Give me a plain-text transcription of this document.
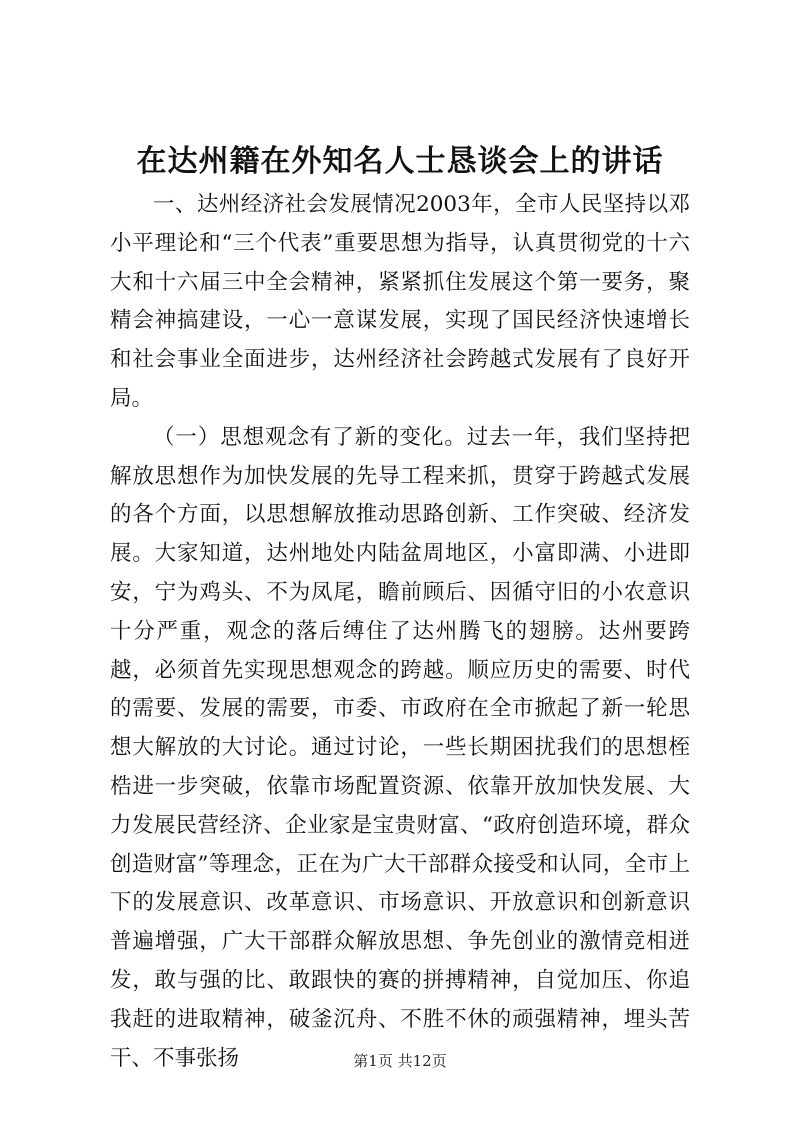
在达州籍在外知名人士恳谈会上的讲话

一、达州经济社会发展情况2003年，全市人民坚持以邓小平理论和“三个代表”重要思想为指导，认真贯彻党的十六大和十六届三中全会精神，紧紧抓住发展这个第一要务，聚精会神搞建设，一心一意谋发展，实现了国民经济快速增长和社会事业全面进步，达州经济社会跨越式发展有了良好开局。

（一）思想观念有了新的变化。过去一年，我们坚持把解放思想作为加快发展的先导工程来抓，贯穿于跨越式发展的各个方面，以思想解放推动思路创新、工作突破、经济发展。大家知道，达州地处内陆盆周地区，小富即满、小进即安，宁为鸡头、不为凤尾，瞻前顾后、因循守旧的小农意识十分严重，观念的落后缚住了达州腾飞的翅膀。达州要跨越，必须首先实现思想观念的跨越。顺应历史的需要、时代的需要、发展的需要，市委、市政府在全市掀起了新一轮思想大解放的大讨论。通过讨论，一些长期困扰我们的思想桎梏进一步突破，依靠市场配置资源、依靠开放加快发展、大力发展民营经济、企业家是宝贵财富、“政府创造环境，群众创造财富”等理念，正在为广大干部群众接受和认同，全市上下的发展意识、改革意识、市场意识、开放意识和创新意识普遍增强，广大干部群众解放思想、争先创业的激情竞相迸发，敢与强的比、敢跟快的赛的拼搏精神，自觉加压、你追我赶的进取精神，破釜沉舟、不胜不休的顽强精神，埋头苦干、不事张扬	第1页 共12页
